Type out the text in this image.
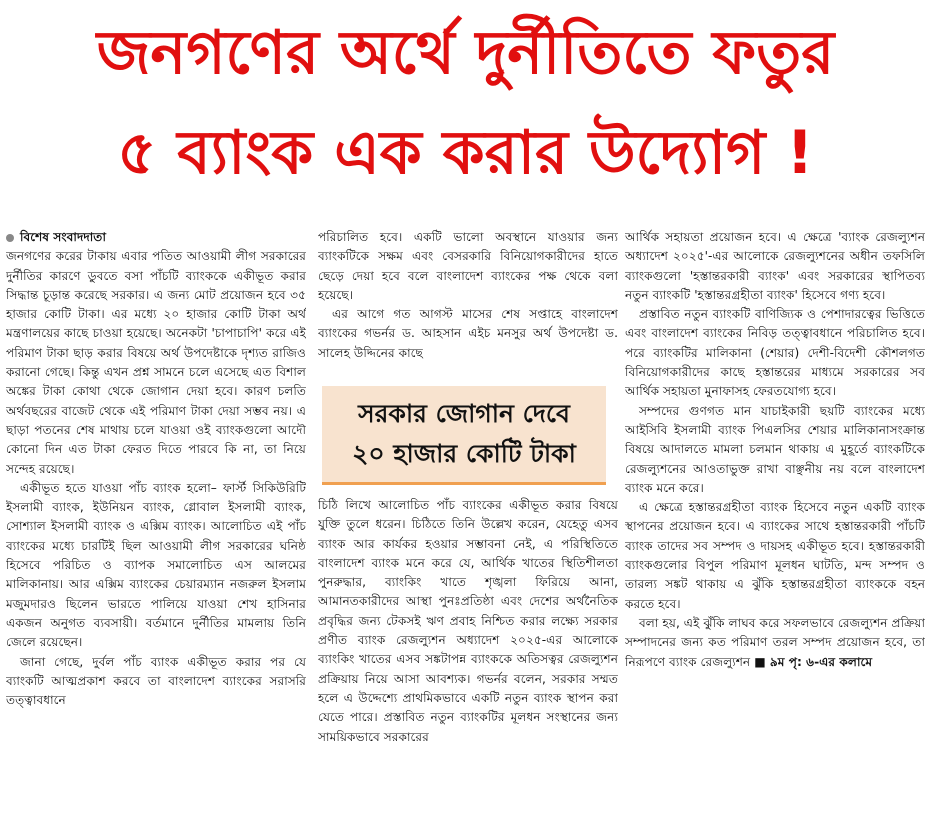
জনগণের অর্থে দুর্নীতিতে ফতুর
৫ ব্যাংক এক করার উদ্যোগ !

বিশেষ সংবাদদাতা

জনগণের করের টাকায় এবার পতিত আওয়ামী লীগ সরকারের দুর্নীতির কারণে ডুবতে বসা পাঁচটি ব্যাংককে একীভূত করার সিদ্ধান্ত চূড়ান্ত করেছে সরকার। এ জন্য মোট প্রয়োজন হবে ৩৫ হাজার কোটি টাকা। এর মধ্যে ২০ হাজার কোটি টাকা অর্থ মন্ত্রণালয়ের কাছে চাওয়া হয়েছে। অনেকটা 'চাপাচাপি' করে এই পরিমাণ টাকা ছাড় করার বিষয়ে অর্থ উপদেষ্টাকে দৃশ্যত রাজিও করানো গেছে। কিন্তু এখন প্রশ্ন সামনে চলে এসেছে এত বিশাল অঙ্কের টাকা কোথা থেকে জোগান দেয়া হবে। কারণ চলতি অর্থবছরের বাজেট থেকে এই পরিমাণ টাকা দেয়া সম্ভব নয়। এ ছাড়া পতনের শেষ মাথায় চলে যাওয়া ওই ব্যাংকগুলো আদৌ কোনো দিন এত টাকা ফেরত দিতে পারবে কি না, তা নিয়ে সন্দেহ রয়েছে।

একীভূত হতে যাওয়া পাঁচ ব্যাংক হলো– ফার্স্ট সিকিউরিটি ইসলামী ব্যাংক, ইউনিয়ন ব্যাংক, গ্লোবাল ইসলামী ব্যাংক, সোশ্যাল ইসলামী ব্যাংক ও এক্সিম ব্যাংক। আলোচিত এই পাঁচ ব্যাংকের মধ্যে চারটিই ছিল আওয়ামী লীগ সরকারের ঘনিষ্ঠ হিসেবে পরিচিত ও ব্যাপক সমালোচিত এস আলমের মালিকানায়। আর এক্সিম ব্যাংকের চেয়ারম্যান নজরুল ইসলাম মজুমদারও ছিলেন ভারতে পালিয়ে যাওয়া শেখ হাসিনার একজন অনুগত ব্যবসায়ী। বর্তমানে দুর্নীতির মামলায় তিনি জেলে রয়েছেন।

জানা গেছে, দুর্বল পাঁচ ব্যাংক একীভূত করার পর যে ব্যাংকটি আত্মপ্রকাশ করবে তা বাংলাদেশ ব্যাংকের সরাসরি তত্ত্বাবধানে

পরিচালিত হবে। একটি ভালো অবস্থানে যাওয়ার জন্য ব্যাংকটিকে সক্ষম এবং বেসরকারি বিনিয়োগকারীদের হাতে ছেড়ে দেয়া হবে বলে বাংলাদেশ ব্যাংকের পক্ষ থেকে বলা হয়েছে।

এর আগে গত আগস্ট মাসের শেষ সপ্তাহে বাংলাদেশ ব্যাংকের গভর্নর ড. আহসান এইচ মনসুর অর্থ উপদেষ্টা ড. সালেহ উদ্দিনের কাছে

সরকার জোগান দেবে
২০ হাজার কোটি টাকা

চিঠি লিখে আলোচিত পাঁচ ব্যাংকের একীভূত করার বিষয়ে যুক্তি তুলে ধরেন। চিঠিতে তিনি উল্লেখ করেন, যেহেতু এসব ব্যাংক আর কার্যকর হওয়ার সম্ভাবনা নেই, এ পরিস্থিতিতে বাংলাদেশ ব্যাংক মনে করে যে, আর্থিক খাতের স্থিতিশীলতা পুনরুদ্ধার, ব্যাংকিং খাতে শৃঙ্খলা ফিরিয়ে আনা, আমানতকারীদের আস্থা পুনঃপ্রতিষ্ঠা এবং দেশের অর্থনৈতিক প্রবৃদ্ধির জন্য টেকসই ঋণ প্রবাহ নিশ্চিত করার লক্ষ্যে সরকার প্রণীত ব্যাংক রেজল্যুশন অধ্যাদেশ ২০২৫-এর আলোকে ব্যাংকিং খাতের এসব সঙ্কটাপন্ন ব্যাংককে অতিসত্বর রেজল্যুশন প্রক্রিয়ায় নিয়ে আসা আবশ্যক। গভর্নর বলেন, সরকার সম্মত হলে এ উদ্দেশ্যে প্রাথমিকভাবে একটি নতুন ব্যাংক স্থাপন করা যেতে পারে। প্রস্তাবিত নতুন ব্যাংকটির মূলধন সংস্থানের জন্য সাময়িকভাবে সরকারের

আর্থিক সহায়তা প্রয়োজন হবে। এ ক্ষেত্রে 'ব্যাংক রেজল্যুশন অধ্যাদেশ ২০২৫'-এর আলোকে রেজল্যুশনের অধীন তফসিলি ব্যাংকগুলো 'হস্তান্তরকারী ব্যাংক' এবং সরকারের স্থাপিতব্য নতুন ব্যাংকটি 'হস্তান্তরগ্রহীতা ব্যাংক' হিসেবে গণ্য হবে।

প্রস্তাবিত নতুন ব্যাংকটি বাণিজ্যিক ও পেশাদারত্বের ভিত্তিতে এবং বাংলাদেশ ব্যাংকের নিবিড় তত্ত্বাবধানে পরিচালিত হবে। পরে ব্যাংকটির মালিকানা (শেয়ার) দেশী-বিদেশী কৌশলগত বিনিয়োগকারীদের কাছে হস্তান্তরের মাধ্যমে সরকারের সব আর্থিক সহায়তা মুনাফাসহ ফেরতযোগ্য হবে।

সম্পদের গুণগত মান যাচাইকারী ছয়টি ব্যাংকের মধ্যে আইসিবি ইসলামী ব্যাংক পিএলসির শেয়ার মালিকানাসংক্রান্ত বিষয়ে আদালতে মামলা চলমান থাকায় এ মুহূর্তে ব্যাংকটিকে রেজল্যুশনের আওতাভুক্ত রাখা বাঞ্ছনীয় নয় বলে বাংলাদেশ ব্যাংক মনে করে।

এ ক্ষেত্রে হস্তান্তরগ্রহীতা ব্যাংক হিসেবে নতুন একটি ব্যাংক স্থাপনের প্রয়োজন হবে। এ ব্যাংকের সাথে হস্তান্তরকারী পাঁচটি ব্যাংক তাদের সব সম্পদ ও দায়সহ একীভূত হবে। হস্তান্তরকারী ব্যাংকগুলোর বিপুল পরিমাণ মূলধন ঘাটতি, মন্দ সম্পদ ও তারল্য সঙ্কট থাকায় এ ঝুঁকি হস্তান্তরগ্রহীতা ব্যাংককে বহন করতে হবে।

বলা হয়, এই ঝুঁকি লাঘব করে সফলভাবে রেজল্যুশন প্রক্রিয়া সম্পাদনের জন্য কত পরিমাণ তরল সম্পদ প্রয়োজন হবে, তা নিরূপণে ব্যাংক রেজল্যুশন ■ ৯ম পৃ: ৬-এর কলামে
